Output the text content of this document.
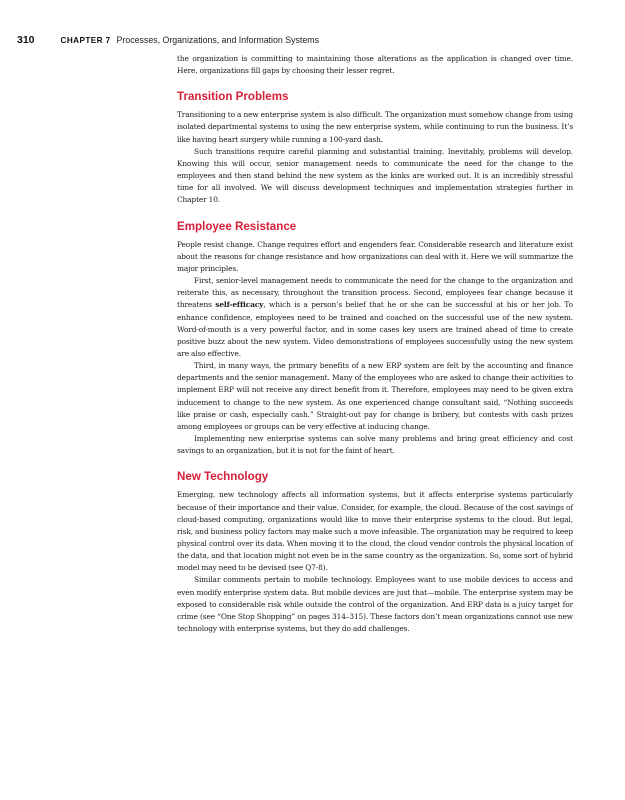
310	CHAPTER 7 Processes, Organizations, and Information Systems

the organization is committing to maintaining those alterations as the application is changed over time. Here, organizations fill gaps by choosing their lesser regret.

Transition Problems

Transitioning to a new enterprise system is also difficult. The organization must somehow change from using isolated departmental systems to using the new enterprise system, while continuing to run the business. It’s like having heart surgery while running a 100-yard dash.

Such transitions require careful planning and substantial training. Inevitably, problems will develop. Knowing this will occur, senior management needs to communicate the need for the change to the employees and then stand behind the new system as the kinks are worked out. It is an incredibly stressful time for all involved. We will discuss development techniques and implementation strategies further in Chapter 10.

Employee Resistance

People resist change. Change requires effort and engenders fear. Considerable research and literature exist about the reasons for change resistance and how organizations can deal with it. Here we will summarize the major principles.

First, senior-level management needs to communicate the need for the change to the organization and reiterate this, as necessary, throughout the transition process. Second, employees fear change because it threatens self-efficacy, which is a person’s belief that he or she can be successful at his or her job. To enhance confidence, employees need to be trained and coached on the successful use of the new system. Word-of-mouth is a very powerful factor, and in some cases key users are trained ahead of time to create positive buzz about the new system. Video demonstrations of employees successfully using the new system are also effective.

Third, in many ways, the primary benefits of a new ERP system are felt by the accounting and finance departments and the senior management. Many of the employees who are asked to change their activities to implement ERP will not receive any direct benefit from it. Therefore, employees may need to be given extra inducement to change to the new system. As one experienced change consultant said, “Nothing succeeds like praise or cash, especially cash.” Straight-out pay for change is bribery, but contests with cash prizes among employees or groups can be very effective at inducing change.

Implementing new enterprise systems can solve many problems and bring great efficiency and cost savings to an organization, but it is not for the faint of heart.

New Technology

Emerging, new technology affects all information systems, but it affects enterprise systems particularly because of their importance and their value. Consider, for example, the cloud. Because of the cost savings of cloud-based computing, organizations would like to move their enterprise systems to the cloud. But legal, risk, and business policy factors may make such a move infeasible. The organization may be required to keep physical control over its data. When moving it to the cloud, the cloud vendor controls the physical location of the data, and that location might not even be in the same country as the organization. So, some sort of hybrid model may need to be devised (see Q7-8).

Similar comments pertain to mobile technology. Employees want to use mobile devices to access and even modify enterprise system data. But mobile devices are just that—mobile. The enterprise system may be exposed to considerable risk while outside the control of the organization. And ERP data is a juicy target for crime (see “One Stop Shopping” on pages 314–315). These factors don’t mean organizations cannot use new technology with enterprise systems, but they do add challenges.
